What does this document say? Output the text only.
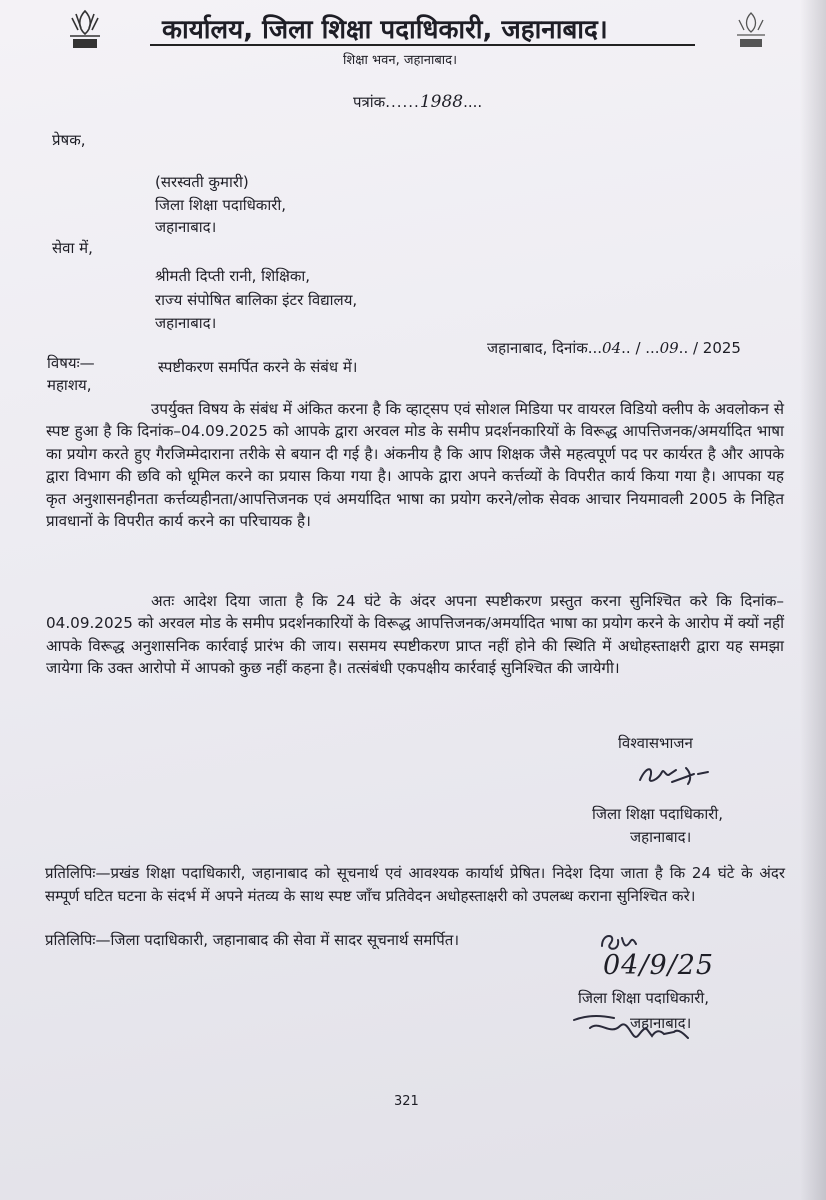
कार्यालय, जिला शिक्षा पदाधिकारी, जहानाबाद।
शिक्षा भवन, जहानाबाद।
पत्रांक......1988....
प्रेषक,
(सरस्वती कुमारी)
जिला शिक्षा पदाधिकारी,
जहानाबाद।
सेवा में,
श्रीमती दिप्ती रानी, शिक्षिका,
राज्य संपोषित बालिका इंटर विद्यालय,
जहानाबाद।
जहानाबाद, दिनांक...04.. / ...09.. / 2025
विषयः—	स्पष्टीकरण समर्पित करने के संबंध में।
महाशय,
उपर्युक्त विषय के संबंध में अंकित करना है कि व्हाट्सप एवं सोशल मिडिया पर वायरल विडियो क्लीप के अवलोकन से स्पष्ट हुआ है कि दिनांक–04.09.2025 को आपके द्वारा अरवल मोड के समीप प्रदर्शनकारियों के विरूद्ध आपत्तिजनक/अमर्यादित भाषा का प्रयोग करते हुए गैरजिम्मेदाराना तरीके से बयान दी गई है। अंकनीय है कि आप शिक्षक जैसे महत्वपूर्ण पद पर कार्यरत है और आपके द्वारा विभाग की छवि को धूमिल करने का प्रयास किया गया है। आपके द्वारा अपने कर्त्तव्यों के विपरीत कार्य किया गया है। आपका यह कृत अनुशासनहीनता कर्त्तव्यहीनता/आपत्तिजनक एवं अमर्यादित भाषा का प्रयोग करने/लोक सेवक आचार नियमावली 2005 के निहित प्रावधानों के विपरीत कार्य करने का परिचायक है।
अतः आदेश दिया जाता है कि 24 घंटे के अंदर अपना स्पष्टीकरण प्रस्तुत करना सुनिश्चित करे कि दिनांक–04.09.2025 को अरवल मोड के समीप प्रदर्शनकारियों के विरूद्ध आपत्तिजनक/अमर्यादित भाषा का प्रयोग करने के आरोप में क्यों नहीं आपके विरूद्ध अनुशासनिक कार्रवाई प्रारंभ की जाय। ससमय स्पष्टीकरण प्राप्त नहीं होने की स्थिति में अधोहस्ताक्षरी द्वारा यह समझा जायेगा कि उक्त आरोपो में आपको कुछ नहीं कहना है। तत्संबंधी एकपक्षीय कार्रवाई सुनिश्चित की जायेगी।
विश्वासभाजन
जिला शिक्षा पदाधिकारी,
जहानाबाद।
प्रतिलिपिः—प्रखंड शिक्षा पदाधिकारी, जहानाबाद को सूचनार्थ एवं आवश्यक कार्यार्थ प्रेषित। निदेश दिया जाता है कि 24 घंटे के अंदर सम्पूर्ण घटित घटना के संदर्भ में अपने मंतव्य के साथ स्पष्ट जाँच प्रतिवेदन अधोहस्ताक्षरी को उपलब्ध कराना सुनिश्चित करे।
प्रतिलिपिः—जिला पदाधिकारी, जहानाबाद की सेवा में सादर सूचनार्थ समर्पित।
04/9/25
जिला शिक्षा पदाधिकारी,
जहानाबाद।
321
